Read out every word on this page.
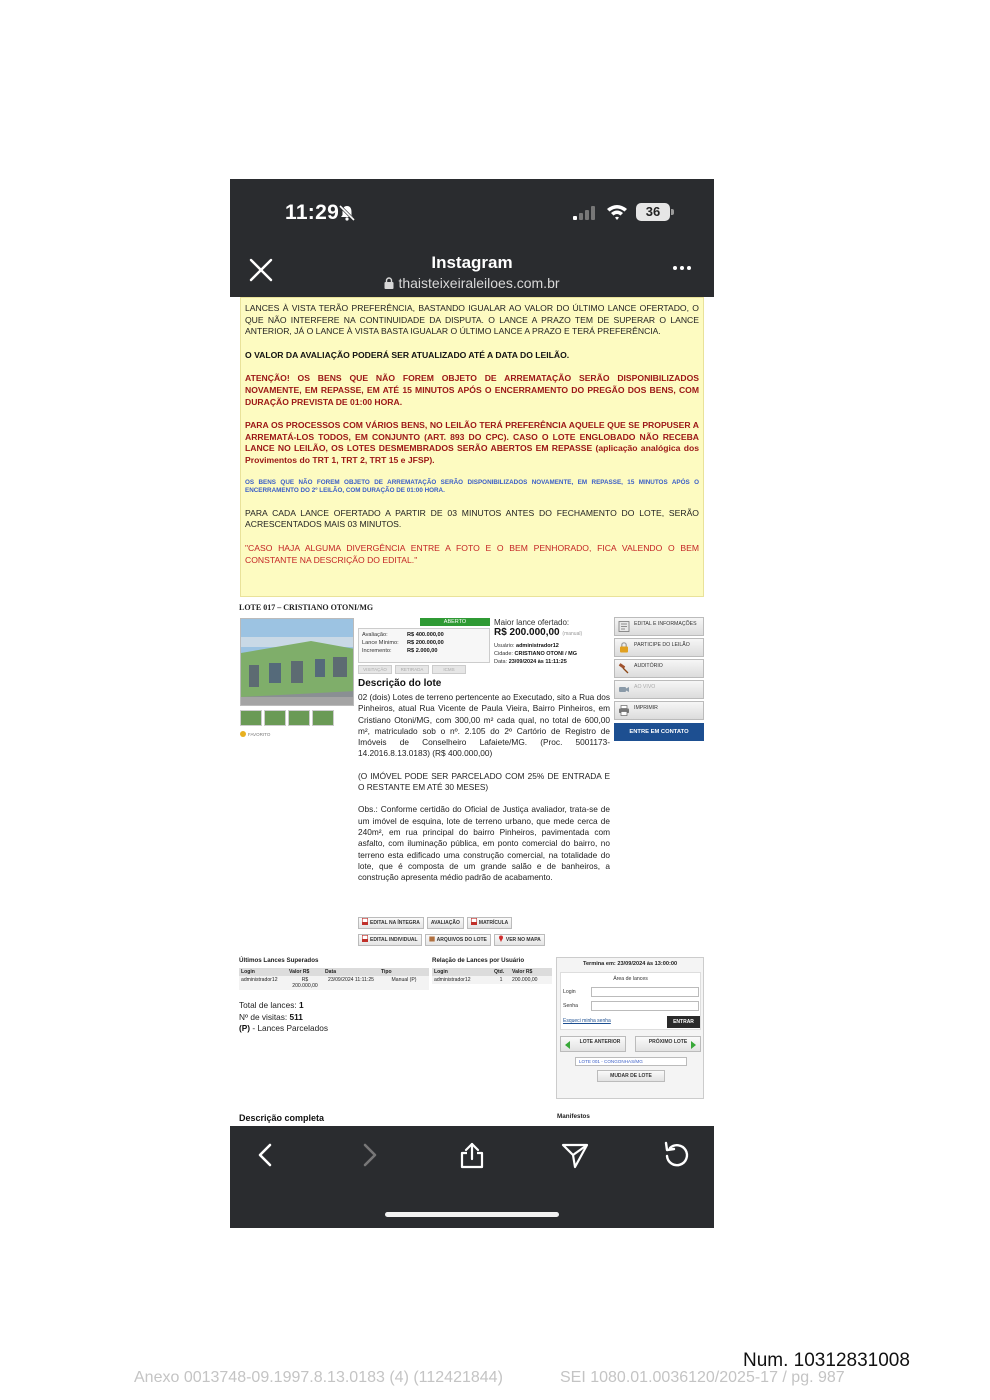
11:29	36
Instagram
thaisteixeiraleiloes.com.br

LANCES À VISTA TERÃO PREFERÊNCIA, BASTANDO IGUALAR AO VALOR DO ÚLTIMO LANCE OFERTADO, O QUE NÃO INTERFERE NA CONTINUIDADE DA DISPUTA. O LANCE A PRAZO TEM DE SUPERAR O LANCE ANTERIOR, JÁ O LANCE À VISTA BASTA IGUALAR O ÚLTIMO LANCE A PRAZO E TERÁ PREFERÊNCIA.

O VALOR DA AVALIAÇÃO PODERÁ SER ATUALIZADO ATÉ A DATA DO LEILÃO.

ATENÇÃO! OS BENS QUE NÃO FOREM OBJETO DE ARREMATAÇÃO SERÃO DISPONIBILIZADOS NOVAMENTE, EM REPASSE, EM ATÉ 15 MINUTOS APÓS O ENCERRAMENTO DO PREGÃO DOS BENS, COM DURAÇÃO PREVISTA DE 01:00 HORA.

PARA OS PROCESSOS COM VÁRIOS BENS, NO LEILÃO TERÁ PREFERÊNCIA AQUELE QUE SE PROPUSER A ARREMATÁ-LOS TODOS, EM CONJUNTO (ART. 893 DO CPC). CASO O LOTE ENGLOBADO NÃO RECEBA LANCE NO LEILÃO, OS LOTES DESMEMBRADOS SERÃO ABERTOS EM REPASSE (aplicação analógica dos Provimentos do TRT 1, TRT 2, TRT 15 e JFSP).

OS BENS QUE NÃO FOREM OBJETO DE ARREMATAÇÃO SERÃO DISPONIBILIZADOS NOVAMENTE, EM REPASSE, 15 MINUTOS APÓS O ENCERRAMENTO DO 2º LEILÃO, COM DURAÇÃO DE 01:00 HORA.

PARA CADA LANCE OFERTADO A PARTIR DE 03 MINUTOS ANTES DO FECHAMENTO DO LOTE, SERÃO ACRESCENTADOS MAIS 03 MINUTOS.

"CASO HAJA ALGUMA DIVERGÊNCIA ENTRE A FOTO E O BEM PENHORADO, FICA VALENDO O BEM CONSTANTE NA DESCRIÇÃO DO EDITAL."

LOTE 017 – CRISTIANO OTONI/MG
FAVORITO
ABERTO
Avaliação:	R$ 400.000,00
Lance Mínimo:	R$ 200.000,00
Incremento:	R$ 2.000,00
VISITAÇÃO	RETIRADA	ICMS
Maior lance ofertado:
R$ 200.000,00 (manual)
Usuário: administrador12
Cidade: CRISTIANO OTONI / MG
Data: 23/09/2024 às 11:11:25
EDITAL E INFORMAÇÕES
PARTICIPE DO LEILÃO
AUDITÓRIO
AO VIVO
IMPRIMIR
ENTRE EM CONTATO
Descrição do lote

02 (dois) Lotes de terreno pertencente ao Executado, sito a Rua dos Pinheiros, atual Rua Vicente de Paula Vieira, Bairro Pinheiros, em Cristiano Otoni/MG, com 300,00 m² cada qual, no total de 600,00 m², matriculado sob o nº. 2.105 do 2º Cartório de Registro de Imóveis de Conselheiro Lafaiete/MG. (Proc. 5001173-14.2016.8.13.0183) (R$ 400.000,00)

(O IMÓVEL PODE SER PARCELADO COM 25% DE ENTRADA E O RESTANTE EM ATÉ 30 MESES)

Obs.: Conforme certidão do Oficial de Justiça avaliador, trata-se de um imóvel de esquina, lote de terreno urbano, que mede cerca de 240m², em rua principal do bairro Pinheiros, pavimentada com asfalto, com iluminação pública, em ponto comercial do bairro, no terreno esta edificado uma construção comercial, na totalidade do lote, que é composta de um grande salão e de banheiros, a construção apresenta médio padrão de acabamento.

EDITAL NA ÍNTEGRA	AVALIAÇÃO	MATRÍCULA
EDITAL INDIVIDUAL	ARQUIVOS DO LOTE	VER NO MAPA
Últimos Lances Superados
Login	Valor R$	Data	Tipo
administrador12	R$ 200.000,00	23/09/2024 11:11:25	Manual (P)
Relação de Lances por Usuário
Login	Qtd.	Valor R$
administrador12	1	200.000,00
Total de lances: 1
Nº de visitas: 511
(P) - Lances Parcelados
Termina em: 23/09/2024 às 13:00:00
Área de lances
Login
Senha
Esqueci minha senha	ENTRAR
LOTE ANTERIOR	PRÓXIMO LOTE
LOTE 001 - CONGONHAS/MG
MUDAR DE LOTE
Descrição completa	Manifestos
Num. 10312831008
Anexo 0013748-09.1997.8.13.0183 (4) (112421844)	SEI 1080.01.0036120/2025-17 / pg. 987
